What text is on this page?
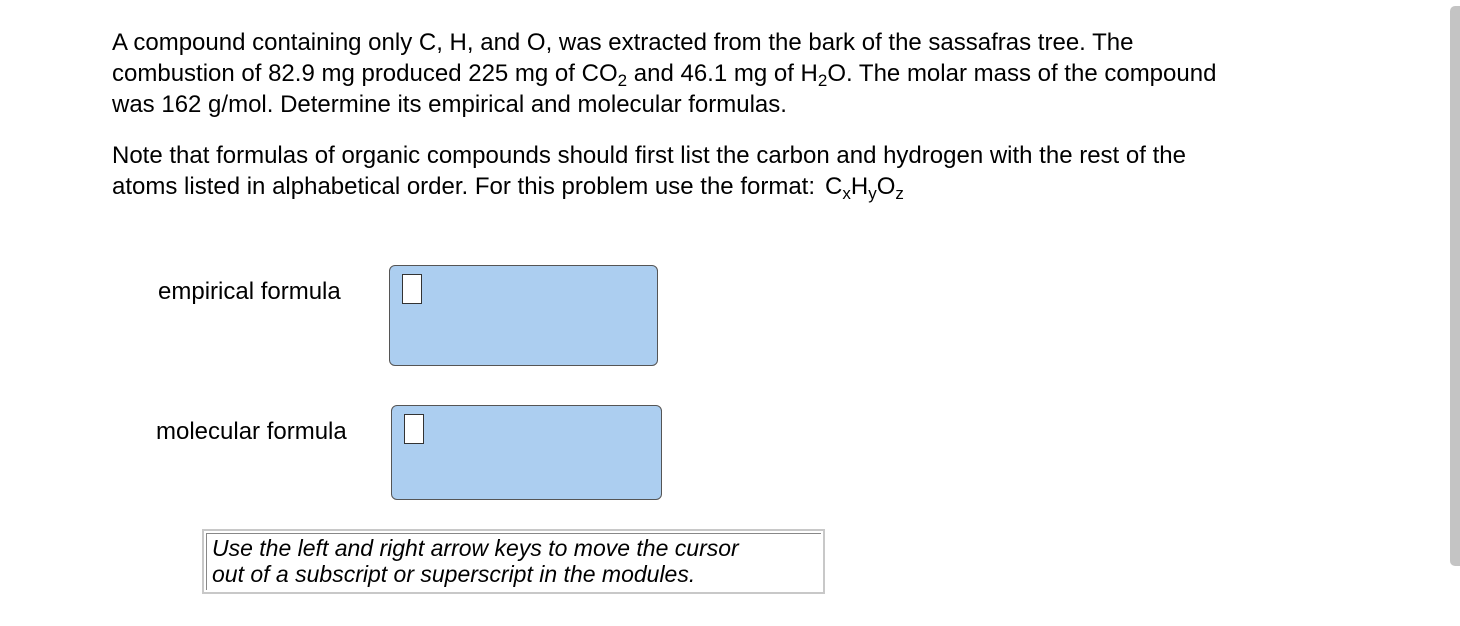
A compound containing only C, H, and O, was extracted from the bark of the sassafras tree. The
combustion of 82.9 mg produced 225 mg of $CO_2$ and 46.1 mg of $H_2O$. The molar mass of the compound
was 162 g/mol. Determine its empirical and molecular formulas.

Note that formulas of organic compounds should first list the carbon and hydrogen with the rest of the
atoms listed in alphabetical order. For this problem use the format: $C_xH_yO_z$

empirical formula
molecular formula
Use the left and right arrow keys to move the cursor
out of a subscript or superscript in the modules.
